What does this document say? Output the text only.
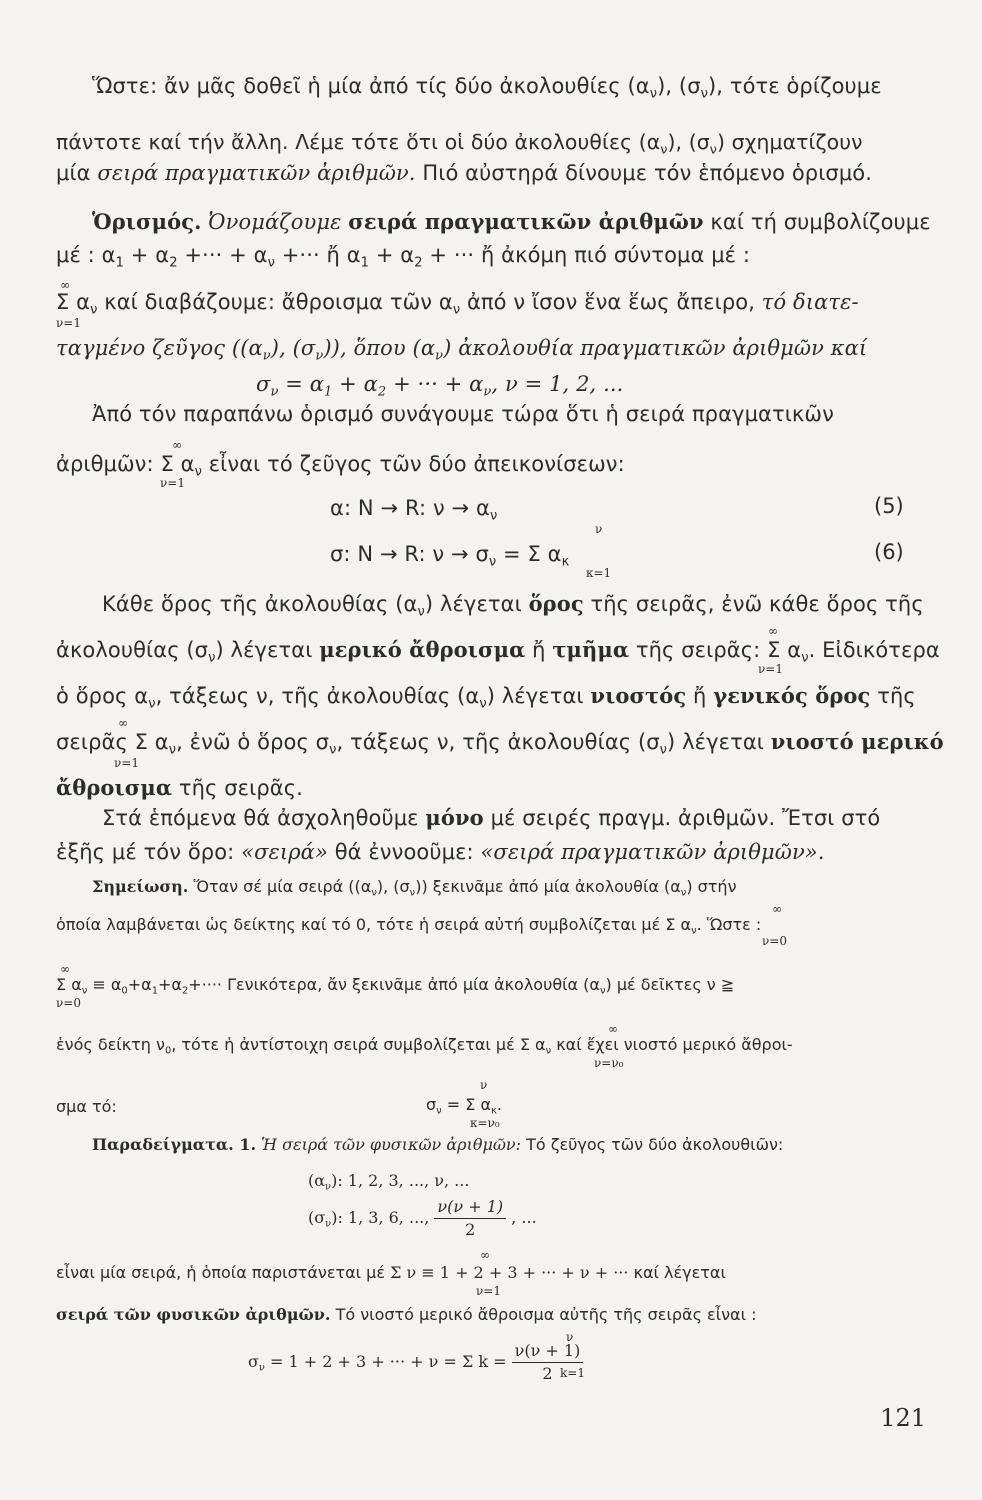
Ὥστε: ἄν μᾶς δοθεῖ ἡ μία ἀπό τίς δύο ἀκολουθίες $(\alpha_\nu)$, $(\sigma_\nu)$, τότε ὁρίζουμε
πάντοτε καί τήν ἄλλη. Λέμε τότε ὅτι οἱ δύο ἀκολουθίες $(\alpha_\nu)$, $(\sigma_\nu)$ σχηματίζουν
μία σειρά πραγματικῶν ἀριθμῶν. Πιό αὐστηρά δίνουμε τόν ἑπόμενο ὁρισμό.
Ὁρισμός. Ὀνομάζουμε σειρά πραγματικῶν ἀριθμῶν καί τή συμβολίζουμε
μέ : $\alpha_1 + \alpha_2$ +··· + $\alpha_\nu$ +··· ἤ $\alpha_1 + \alpha_2$ + ··· ἤ ἀκόμη πιό σύντομα μέ :
∞
Σ $\alpha_\nu$ καί διαβάζουμε: ἄθροισμα τῶν $\alpha_\nu$ ἀπό ν ἴσον ἕνα ἕως ἄπειρο, τό διατε-
ν=1
ταγμένο ζεῦγος ($(\alpha_\nu)$, $(\sigma_\nu)$), ὅπου $(\alpha_\nu)$ ἀκολουθία πραγματικῶν ἀριθμῶν καί
$\sigma_\nu = \alpha_1 + \alpha_2$ + ··· + $\alpha_\nu$, ν = 1, 2, ...
Ἀπό τόν παραπάνω ὁρισμό συνάγουμε τώρα ὅτι ἡ σειρά πραγματικῶν
∞
ἀριθμῶν: Σ $\alpha_\nu$ εἶναι τό ζεῦγος τῶν δύο ἀπεικονίσεων:
ν=1
α: N → R: $\nu \to \alpha_\nu$	(5)
ν
σ: N → R: $\nu \to \sigma_\nu = \Sigma$ $\alpha_\kappa$	(6)
κ=1
Κάθε ὅρος τῆς ἀκολουθίας $(\alpha_\nu)$ λέγεται ὅρος τῆς σειρᾶς, ἐνῶ κάθε ὅρος τῆς
∞
ἀκολουθίας $(\sigma_\nu)$ λέγεται μερικό ἄθροισμα ἤ τμῆμα τῆς σειρᾶς: Σ $\alpha_\nu$. Εἰδικότερα
ν=1
ὁ ὅρος $\alpha_\nu$, τάξεως ν, τῆς ἀκολουθίας $(\alpha_\nu)$ λέγεται νιοστός ἤ γενικός ὅρος τῆς
∞
σειρᾶς Σ $\alpha_\nu$, ἐνῶ ὁ ὅρος $\sigma_\nu$, τάξεως ν, τῆς ἀκολουθίας $(\sigma_\nu)$ λέγεται νιοστό μερικό
ν=1
ἄθροισμα τῆς σειρᾶς.
Στά ἑπόμενα θά ἀσχοληθοῦμε μόνο μέ σειρές πραγμ. ἀριθμῶν. Ἔτσι στό
ἑξῆς μέ τόν ὅρο: «σειρά» θά ἐννοοῦμε: «σειρά πραγματικῶν ἀριθμῶν».
Σημείωση. Ὅταν σέ μία σειρά ($(\alpha_\nu)$, $(\sigma_\nu)$) ξεκινᾶμε ἀπό μία ἀκολουθία $(\alpha_\nu)$ στήν
∞
ὁποία λαμβάνεται ὡς δείκτης καί τό 0, τότε ἡ σειρά αὐτή συμβολίζεται μέ Σ $\alpha_\nu$. Ὥστε :
ν=0
∞
Σ $\alpha_\nu \equiv \alpha_0+\alpha_1+\alpha_2+\cdot\cdot\cdot\cdot \Gamma\varepsilon\nu\iota\kappa ό\tau\varepsilon\rho\alpha$, ἄν ξεκινᾶμε ἀπό μία ἀκολουθία $(\alpha_\nu)$ μέ δεῖκτες ν ≧
ν=0
∞
ἑνός δείκτη $\nu_0$, τότε ἡ ἀντίστοιχη σειρά συμβολίζεται μέ Σ $\alpha_\nu$ καί ἔχει νιοστό μερικό ἄθροι-
ν=ν₀
ν
σμα τό:	$\sigma_\nu = \Sigma$ $\alpha_\kappa$.
κ=ν₀
Παραδείγματα. 1. Ἡ σειρά τῶν φυσικῶν ἀριθμῶν: Τό ζεῦγος τῶν δύο ἀκολουθιῶν:
$(\alpha_\nu)$: 1, 2, 3, ..., ν, ...
$(\sigma_\nu)$: 1, 3, 6, ..., $\frac{\nu(\nu + 1)}{2}$ , ...
∞
εἶναι μία σειρά, ἡ ὁποία παριστάνεται μέ Σ ν ≡ 1 + 2 + 3 + ··· + ν + ··· καί λέγεται
ν=1
σειρά τῶν φυσικῶν ἀριθμῶν. Τό νιοστό μερικό ἄθροισμα αὐτῆς τῆς σειρᾶς εἶναι :
ν
$\sigma_\nu = 1 + 2 + 3$ + ··· + ν = Σ $k = \frac{\nu(\nu + 1)}{2}$
k=1
121
